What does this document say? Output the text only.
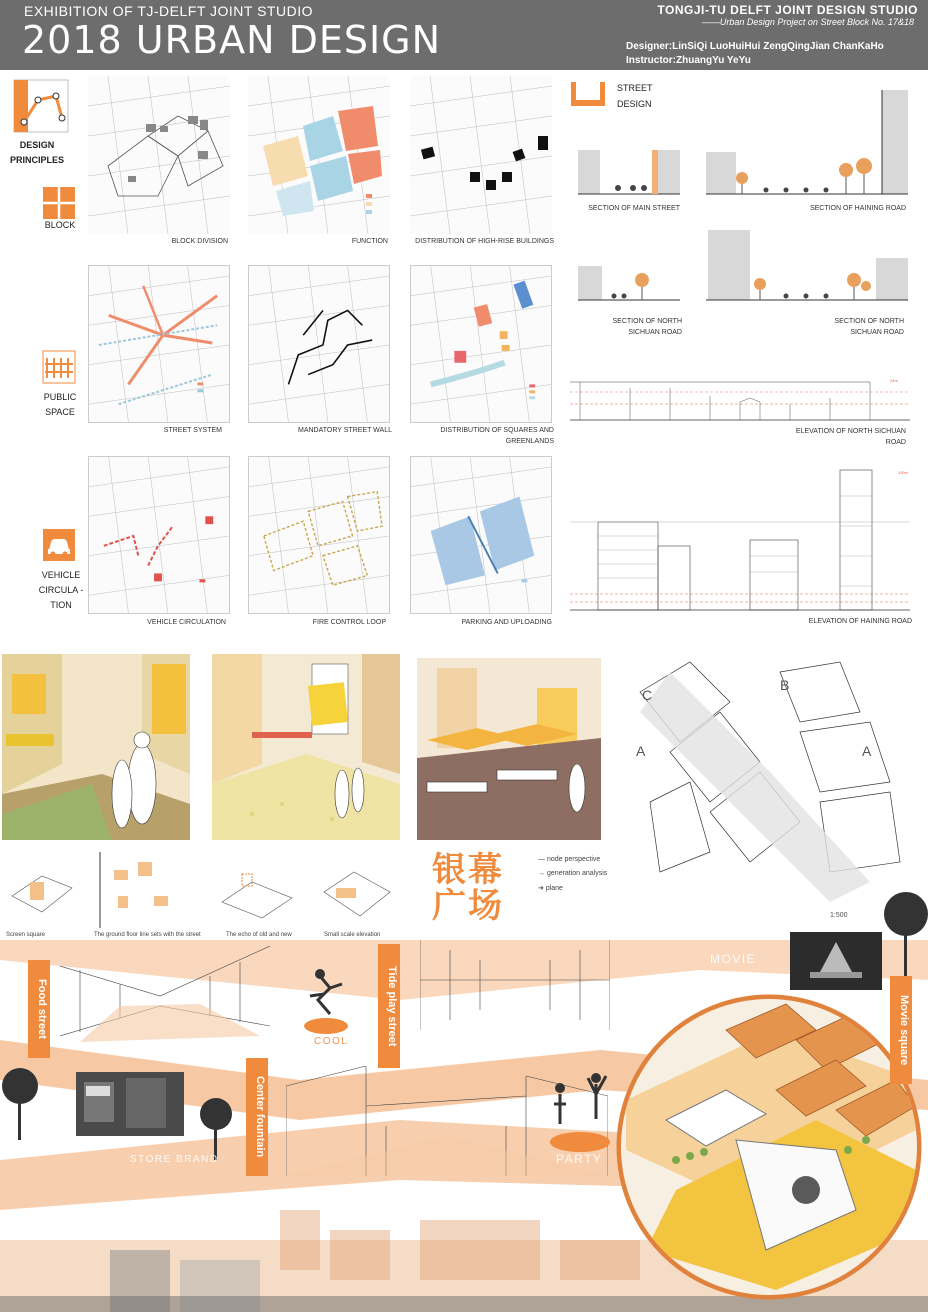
EXHIBITION OF TJ-DELFT JOINT STUDIO
2018 URBAN DESIGN
TONGJI-TU DELFT JOINT DESIGN STUDIO
——Urban Design Project on Street Block No. 17&18
Designer:LinSiQi LuoHuiHui ZengQingJian ChanKaHo
Instructor:ZhuangYu YeYu
DESIGN
PRINCIPLES
BLOCK
PUBLIC SPACE
VEHICLE CIRCULA -TION
BLOCK DIVISION	FUNCTION	DISTRIBUTION OF HIGH-RISE BUILDINGS
STREET SYSTEM	MANDATORY STREET WALL	DISTRIBUTION OF SQUARES AND GREENLANDS
VEHICLE CIRCULATION	FIRE CONTROL LOOP	PARKING AND UPLOADING
STREET
DESIGN
SECTION OF MAIN STREET	SECTION OF HAINING ROAD
SECTION OF NORTH SICHUAN ROAD
SECTION OF NORTH SICHUAN ROAD
24m
ELEVATION OF NORTH SICHUAN ROAD
100m
ELEVATION OF HAINING ROAD
A	A
C
B
1:500
银幕广场
— node perspective
→ generation analysis
➔ plane
Screen square	The ground floor line sets with the street	The echo of old and new	Small scale elevation
Food street	Tide play street	Movie square
Center fountain
CATE
COOL
NOVELTY
MOVIE
STORE BRAND
PLAY
PARTY
